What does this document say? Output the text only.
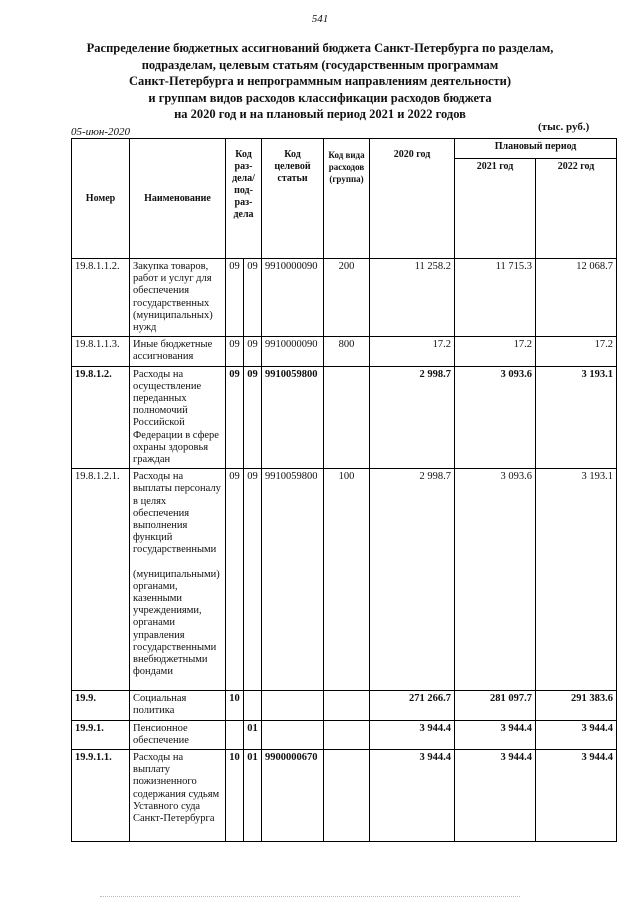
541
Распределение бюджетных ассигнований бюджета Санкт-Петербурга по разделам,
подразделам, целевым статьям (государственным программам
Санкт-Петербурга и непрограммным направлениям деятельности)
и группам видов расходов классификации расходов бюджета
на 2020 год и на плановый период 2021 и 2022 годов
05-июн-2020	(тыс. руб.)
Номер	Наименование	Код раз-дела/ под-раз-дела		Код целевой статьи	Код вида расходов (группа)	2020 год	Плановый период	
							2021 год	2022 год
19.8.1.1.2.	Закупка товаров, работ и услуг для обеспечения государственных (муниципальных) нужд	09	09	9910000090	200	11 258.2	11 715.3	12 068.7
19.8.1.1.3.	Иные бюджетные ассигнования	09	09	9910000090	800	17.2	17.2	17.2
19.8.1.2.	Расходы на осуществление переданных полномочий Российской Федерации в сфере охраны здоровья граждан	09	09	9910059800		2 998.7	3 093.6	3 193.1
19.8.1.2.1.	Расходы на выплаты персоналу в целях обеспечения выполнения функций государственными
(муниципальными) органами, казенными учреждениями, органами управления государственными внебюджетными фондами	09	09	9910059800	100	2 998.7	3 093.6	3 193.1
19.9.	Социальная политика	10				271 266.7	281 097.7	291 383.6
19.9.1.	Пенсионное обеспечение		01			3 944.4	3 944.4	3 944.4
19.9.1.1.	Расходы на выплату пожизненного содержания судьям Уставного суда Санкт-Петербурга	10	01	9900000670		3 944.4	3 944.4	3 944.4
